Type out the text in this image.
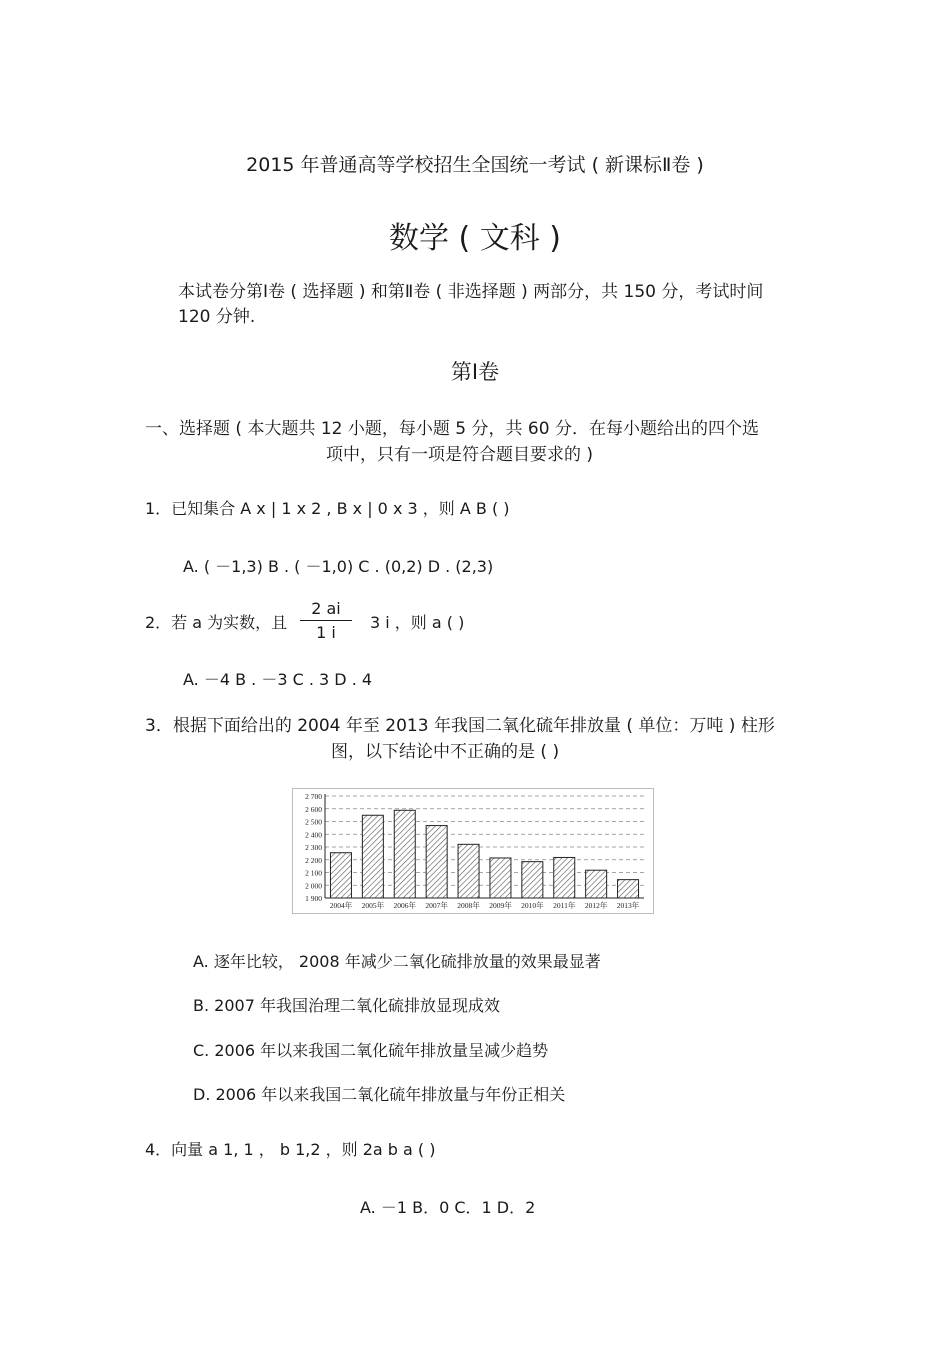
2015 年普通高等学校招生全国统一考试 ( 新课标Ⅱ卷 )
数学 ( 文科 )
本试卷分第Ⅰ卷 ( 选择题 ) 和第Ⅱ卷 ( 非选择题 ) 两部分，共 150 分，考试时间
120 分钟.
第Ⅰ卷
一、选择题 ( 本大题共 12 小题，每小题 5 分，共 60 分．在每小题给出的四个选
项中，只有一项是符合题目要求的 )
1．已知集合 A x | 1 x 2 , B x | 0 x 3 ，则 A B ( )
A. ( －1,3) B . ( －1,0) C . (0,2) D . (2,3)
2．若 a 为实数，且
2 ai
1 i
3 i ，则 a ( )
A. －4 B . －3 C . 3 D . 4
3．根据下面给出的 2004 年至 2013 年我国二氧化硫年排放量 ( 单位：万吨 ) 柱形
图，以下结论中不正确的是 ( )
1 900
2 000
2 100
2 200
2 300
2 400
2 500
2 600
2 700
2004年 2005年 2006年 2007年 2008年 2009年 2010年 2011年 2012年 2013年
A. 逐年比较， 2008 年减少二氧化硫排放量的效果最显著
B. 2007 年我国治理二氧化硫排放显现成效
C. 2006 年以来我国二氧化硫年排放量呈减少趋势
D. 2006 年以来我国二氧化硫年排放量与年份正相关
4．向量 a 1, 1 ， b 1,2 ，则 2a b a ( )
A. －1 B．0 C．1 D．2
